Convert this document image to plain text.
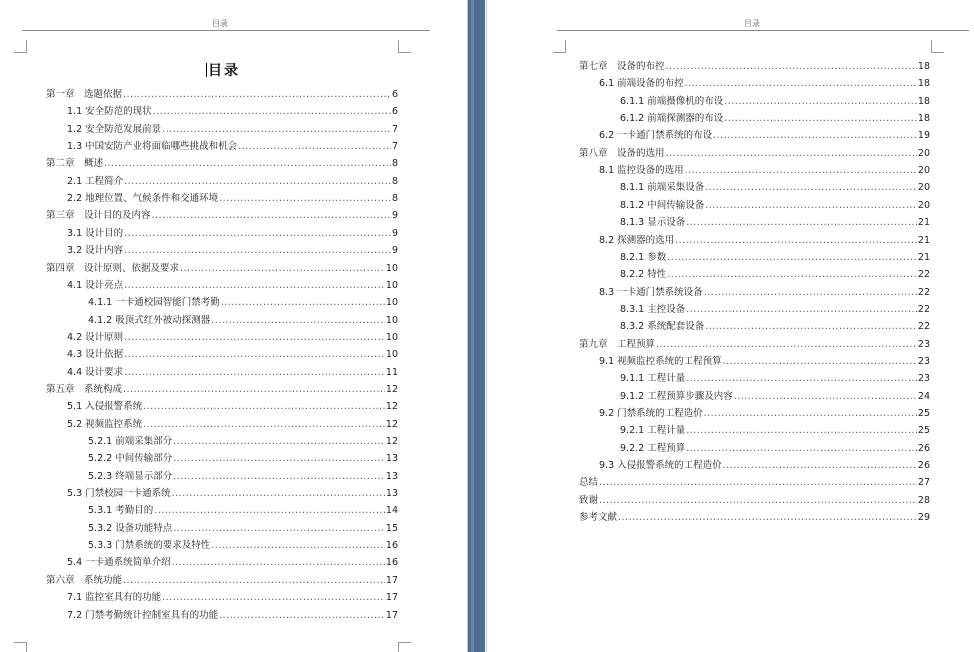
目录
目录
第一章　选题依据 .....	6
1.1 安全防范的现状 .....	6
1.2 安全防范发展前景 .....	7
1.3 中国安防产业将面临哪些挑战和机会 .....	7
第二章　概述 .....	8
2.1 工程简介 .....	8
2.2 地理位置、气候条件和交通环境 .....	8
第三章　设计目的及内容 .....	9
3.1 设计目的 .....	9
3.2 设计内容 .....	9
第四章　设计原则、依据及要求 .....	10
4.1 设计亮点 .....	10
4.1.1 一卡通校园智能门禁考勤 .....	10
4.1.2 吸顶式红外被动探测器 .....	10
4.2 设计原则 .....	10
4.3 设计依据 .....	10
4.4 设计要求 .....	11
第五章　系统构成 .....	12
5.1 入侵报警系统 .....	12
5.2 视频监控系统 .....	12
5.2.1 前端采集部分 .....	12
5.2.2 中间传输部分 .....	13
5.2.3 终端显示部分 .....	13
5.3 门禁校园一卡通系统 .....	13
5.3.1 考勤目的 .....	14
5.3.2 设备功能特点 .....	15
5.3.3 门禁系统的要求及特性 .....	16
5.4 一卡通系统简单介绍 .....	16
第六章　系统功能 .....	17
7.1 监控室具有的功能 .....	17
7.2 门禁考勤统计控制室具有的功能 .....	17
目录
第七章　设备的布控 .....	18
6.1 前端设备的布控 .....	18
6.1.1 前端摄像机的布设 .....	18
6.1.2 前端探测器的布设 .....	18
6.2 一卡通门禁系统的布设 .....	19
第八章　设备的选用 .....	20
8.1 监控设备的选用 .....	20
8.1.1 前端采集设备 .....	20
8.1.2 中间传输设备 .....	20
8.1.3 显示设备 .....	21
8.2 探测器的选用 .....	21
8.2.1 参数 .....	21
8.2.2 特性 .....	22
8.3 一卡通门禁系统设备 .....	22
8.3.1 主控设备 .....	22
8.3.2 系统配套设备 .....	22
第九章　工程预算 .....	23
9.1 视频监控系统的工程预算 .....	23
9.1.1 工程计量 .....	23
9.1.2 工程预算步骤及内容 .....	24
9.2 门禁系统的工程造价 .....	25
9.2.1 工程计量 .....	25
9.2.2 工程预算 .....	26
9.3 入侵报警系统的工程造价 .....	26
总结 .....	27
致谢 .....	28
参考文献 .....	29
